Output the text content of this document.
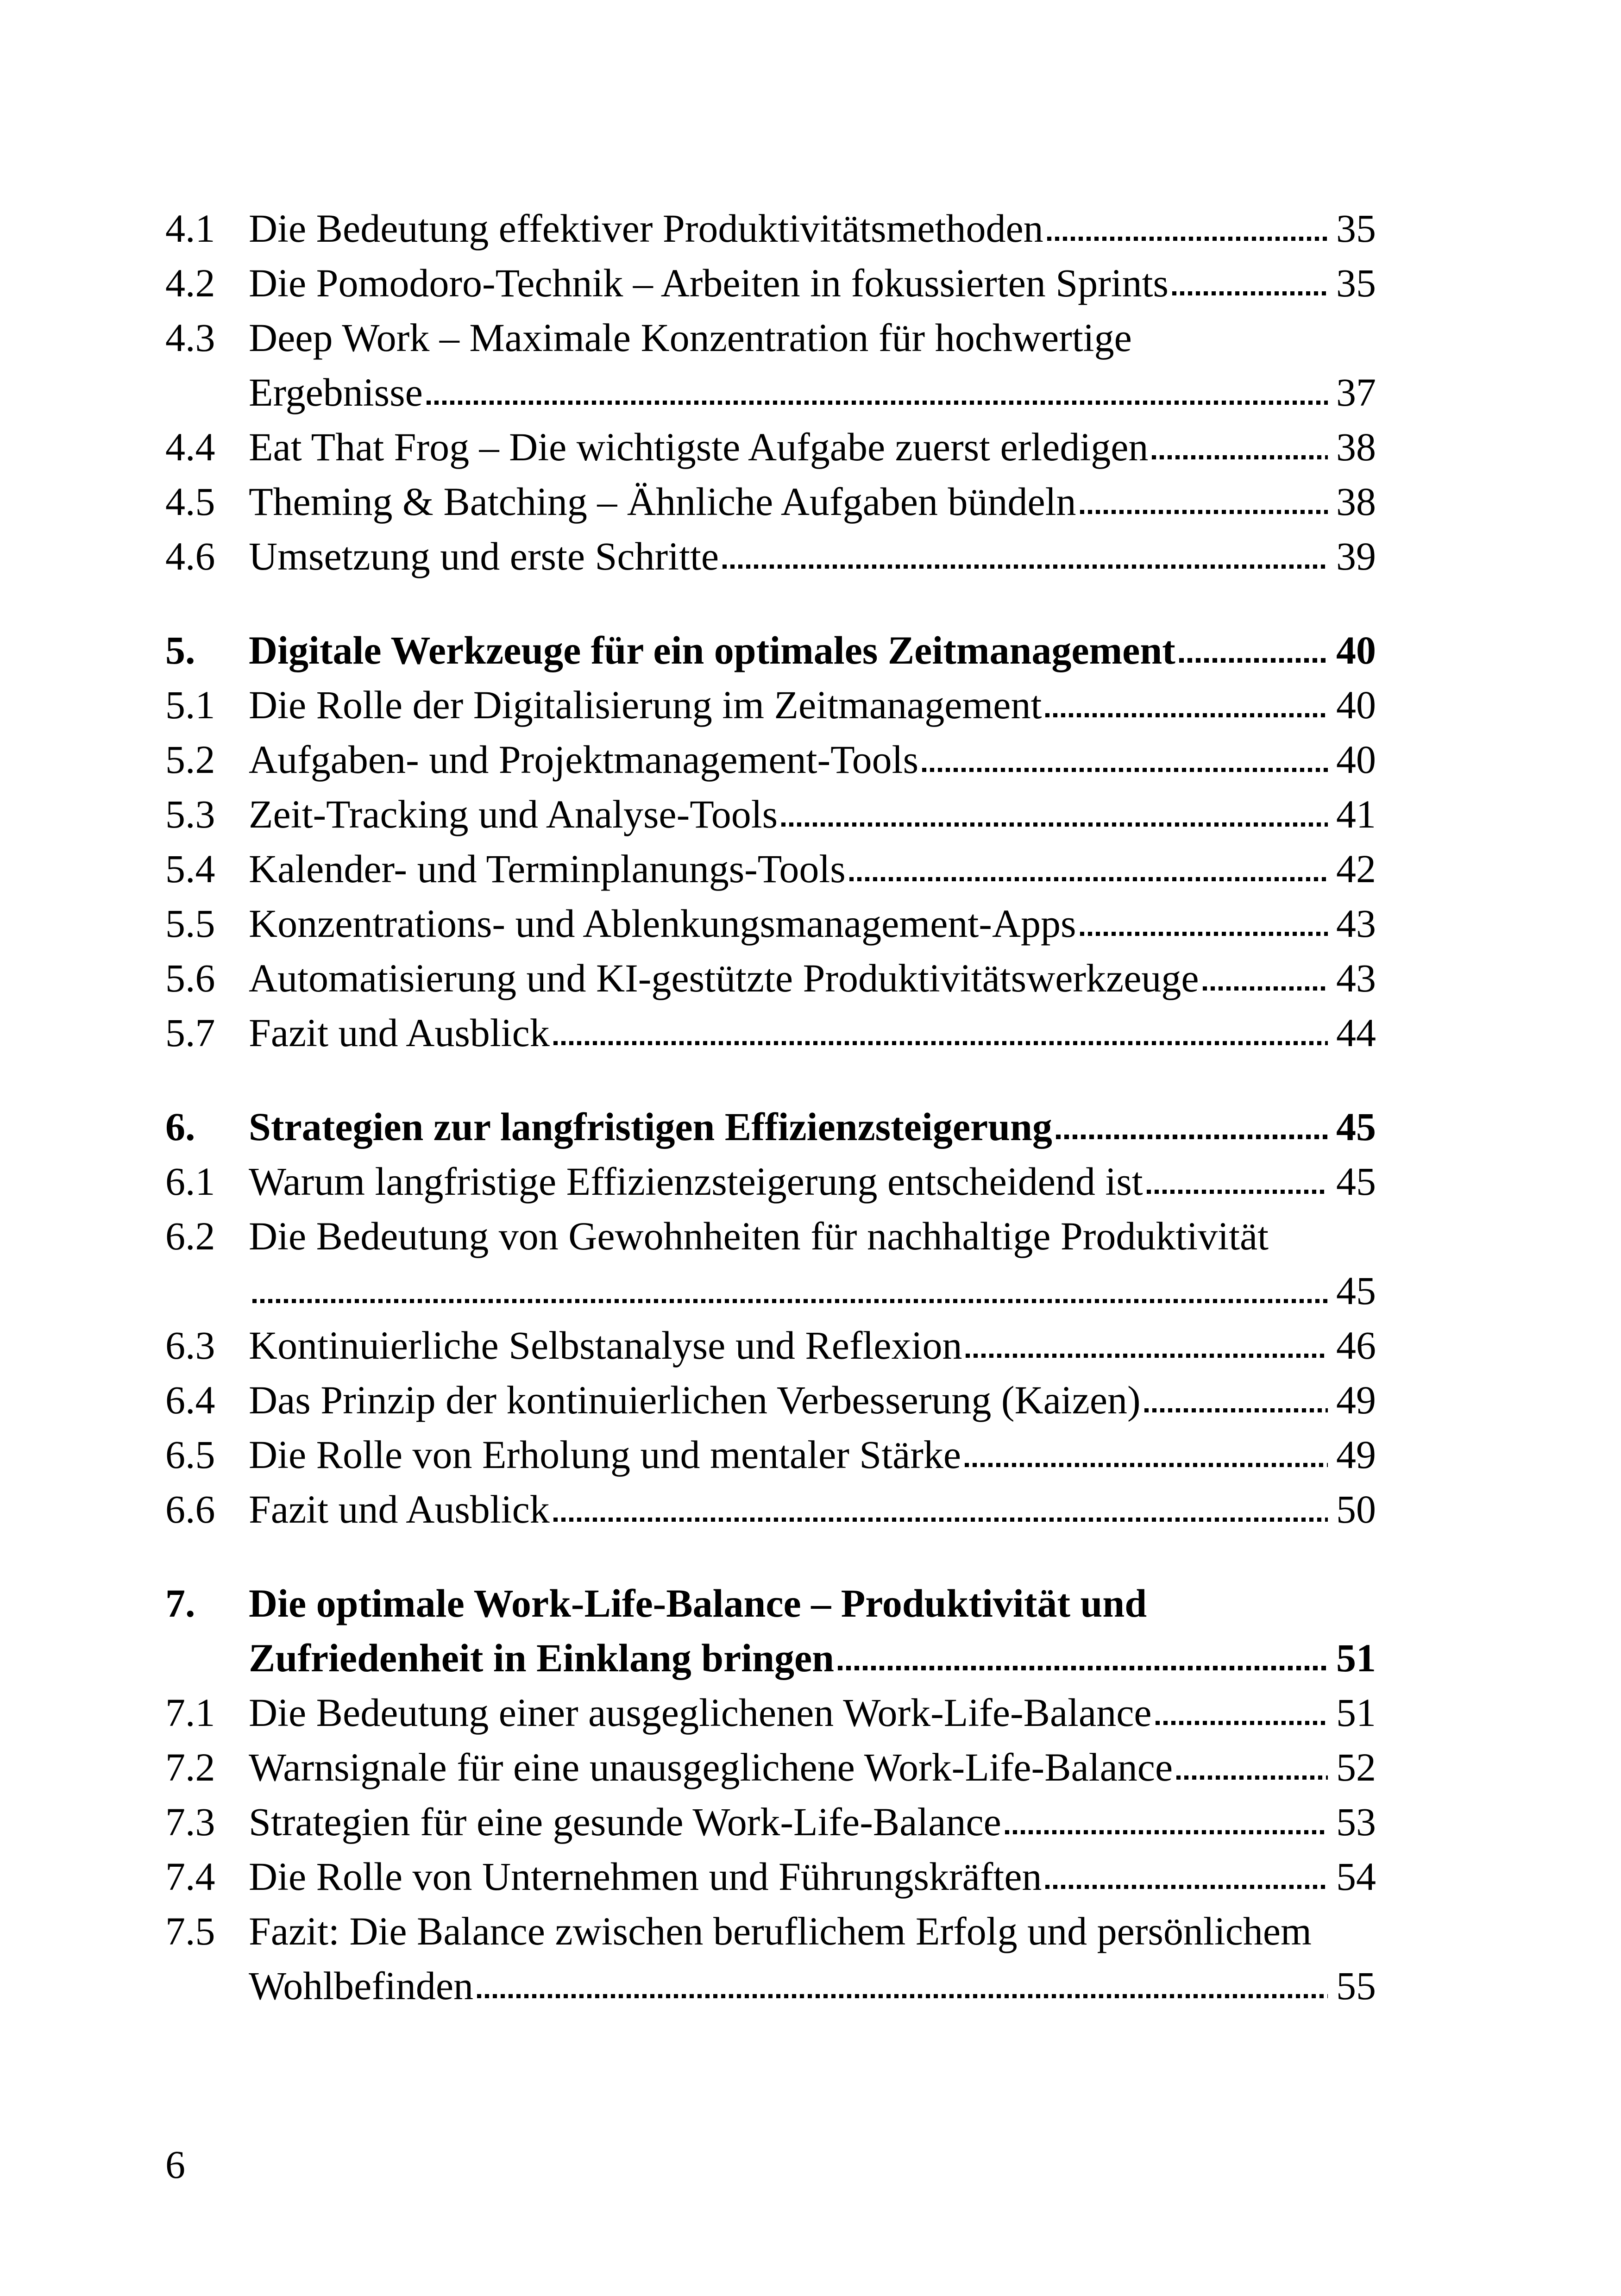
4.1 Die Bedeutung effektiver Produktivitätsmethoden	35
4.2 Die Pomodoro-Technik – Arbeiten in fokussierten Sprints	35
4.3 Deep Work – Maximale Konzentration für hochwertige
Ergebnisse	37
4.4 Eat That Frog – Die wichtigste Aufgabe zuerst erledigen	38
4.5 Theming & Batching – Ähnliche Aufgaben bündeln	38
4.6 Umsetzung und erste Schritte	39
5.	Digitale Werkzeuge für ein optimales Zeitmanagement	40
5.1 Die Rolle der Digitalisierung im Zeitmanagement	40
5.2 Aufgaben- und Projektmanagement-Tools	40
5.3 Zeit-Tracking und Analyse-Tools	41
5.4 Kalender- und Terminplanungs-Tools	42
5.5 Konzentrations- und Ablenkungsmanagement-Apps	43
5.6 Automatisierung und KI-gestützte Produktivitätswerkzeuge	43
5.7 Fazit und Ausblick	44
6.	Strategien zur langfristigen Effizienzsteigerung	45
6.1 Warum langfristige Effizienzsteigerung entscheidend ist	45
6.2 Die Bedeutung von Gewohnheiten für nachhaltige Produktivität
45
6.3 Kontinuierliche Selbstanalyse und Reflexion	46
6.4 Das Prinzip der kontinuierlichen Verbesserung (Kaizen)	49
6.5 Die Rolle von Erholung und mentaler Stärke	49
6.6 Fazit und Ausblick	50
7.	Die optimale Work-Life-Balance – Produktivität und
Zufriedenheit in Einklang bringen	51
7.1 Die Bedeutung einer ausgeglichenen Work-Life-Balance	51
7.2 Warnsignale für eine unausgeglichene Work-Life-Balance	52
7.3 Strategien für eine gesunde Work-Life-Balance	53
7.4 Die Rolle von Unternehmen und Führungskräften	54
7.5 Fazit: Die Balance zwischen beruflichem Erfolg und persönlichem
Wohlbefinden	55
6
